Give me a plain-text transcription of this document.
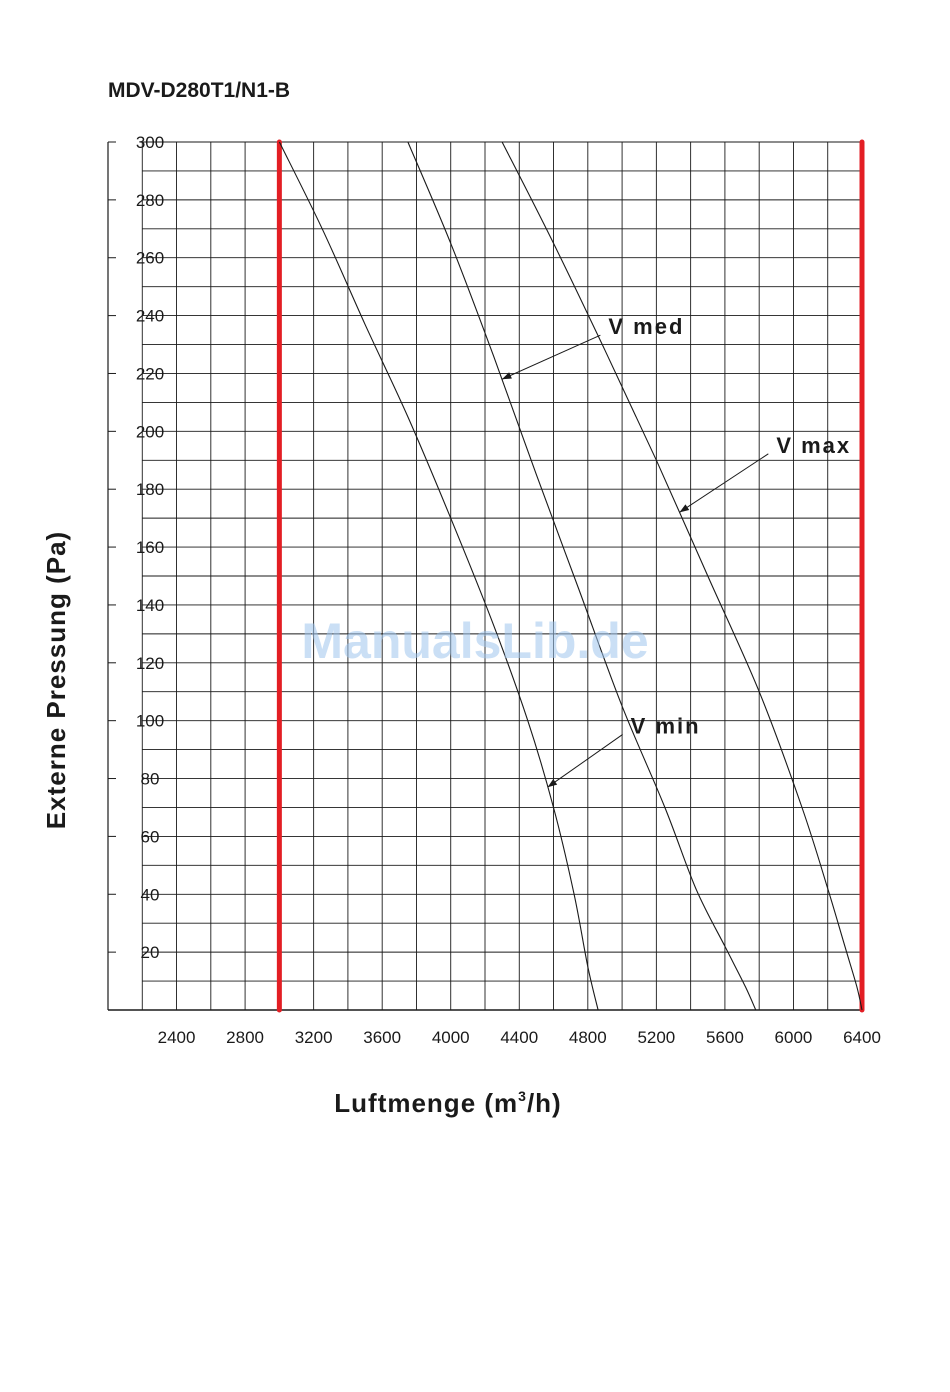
MDV-D280T1/N1-B
20
40
60
80
100
120
140
160
180
200
220
240
260
280
300
2400 2800 3200 3600 4000 4400 4800 5200 5600 6000 6400
V med
V max
V min
ManualsLib.de
Externe Pressung (Pa)
Luftmenge $(m^3/h)$
